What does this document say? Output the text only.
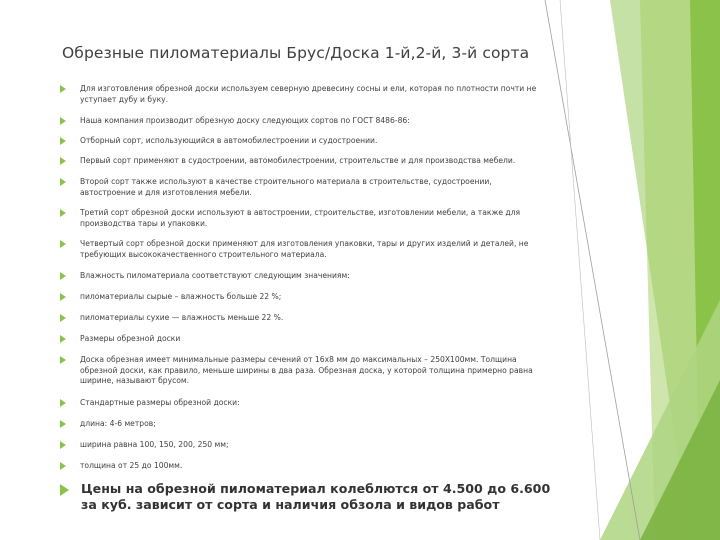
Обрезные пиломатериалы Брус/Доска 1-й,2-й, 3-й сорта
Для изготовления обрезной доски используем северную древесину сосны и ели, которая по плотности почти не уступает дубу и буку.
Наша компания производит обрезную доску следующих сортов по ГОСТ 8486-86:
Отборный сорт, использующийся в автомобилестроении и судостроении.
Первый сорт применяют в судостроении, автомобилестроении, строительстве и для производства мебели.
Второй сорт также используют в качестве строительного материала в строительстве, судостроении, автостроение и для изготовления мебели.
Третий сорт обрезной доски используют в автостроении, строительстве, изготовлении мебели, а также для производства тары и упаковки.
Четвертый сорт обрезной доски применяют для изготовления упаковки, тары и других изделий и деталей, не требующих высококачественного строительного материала.
Влажность пиломатериала соответствуют следующим значениям:
пиломатериалы сырые – влажность больше 22 %;
пиломатериалы сухие — влажность меньше 22 %.
Размеры обрезной доски
Доска обрезная имеет минимальные размеры сечений от 16х8 мм до максимальных – 250Х100мм. Толщина обрезной доски, как правило, меньше ширины в два раза. Обрезная доска, у которой толщина примерно равна ширине, называют брусом.
Стандартные размеры обрезной доски:
длина: 4-6 метров;
ширина равна 100, 150, 200, 250 мм;
толщина от 25 до 100мм.
Цены на обрезной пиломатериал колеблются от 4.500 до 6.600 за куб. зависит от сорта и наличия обзола и видов работ
